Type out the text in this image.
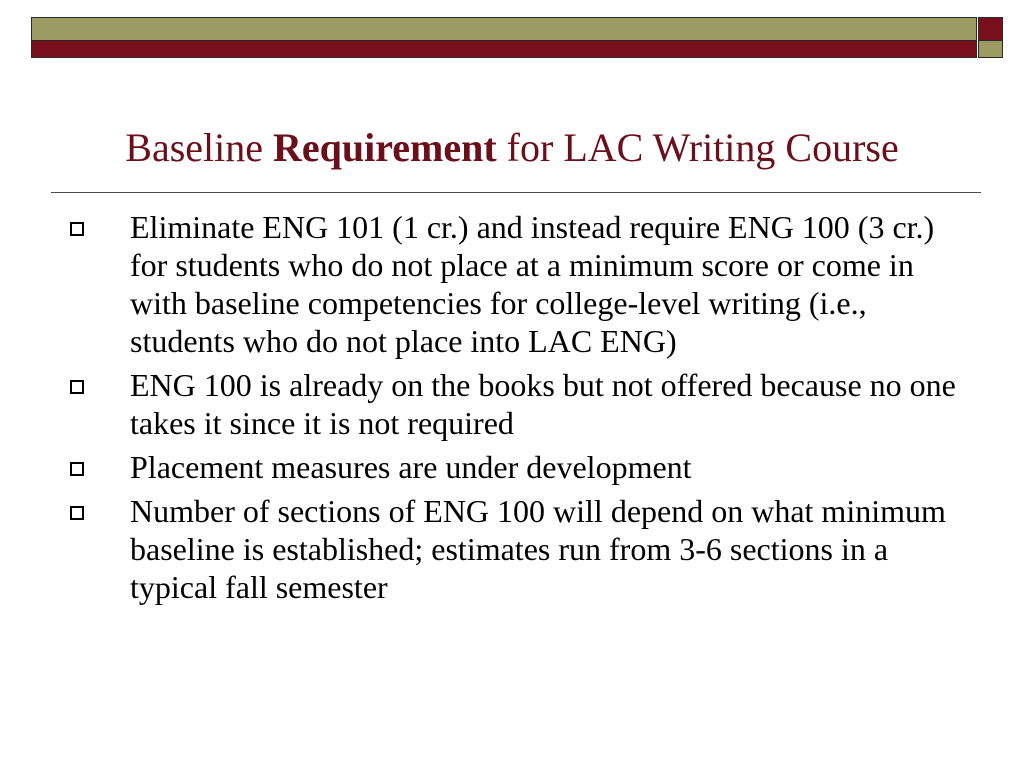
Baseline Requirement for LAC Writing Course
Eliminate ENG 101 (1 cr.) and instead require ENG 100 (3 cr.) for students who do not place at a minimum score or come in with baseline competencies for college-level writing (i.e., students who do not place into LAC ENG)
ENG 100 is already on the books but not offered because no one takes it since it is not required
Placement measures are under development
Number of sections of ENG 100 will depend on what minimum baseline is established; estimates run from 3-6 sections in a typical fall semester
